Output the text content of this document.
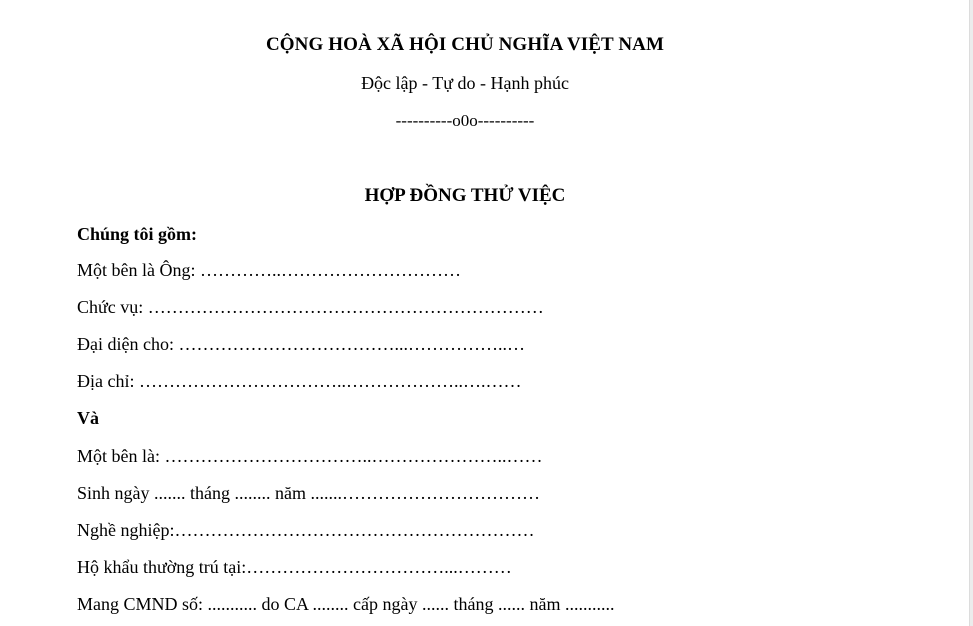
CỘNG HOÀ XÃ HỘI CHỦ NGHĨA VIỆT NAM
Độc lập - Tự do - Hạnh phúc
----------o0o----------
HỢP ĐỒNG THỬ VIỆC
Chúng tôi gồm:
Một bên là Ông: …………..…………………………
Chức vụ: …………………………………………………………
Đại diện cho: ………………………………...……………..…
Địa chỉ: ……………………………..………………..….……
Và
Một bên là: ……………………………..…………………..……
Sinh ngày ....... tháng ........ năm .......……………………………
Nghề nghiệp:……………………………………………………
Hộ khẩu thường trú tại:……………………………...………
Mang CMND số: ........... do CA ........ cấp ngày ...... tháng ...... năm ...........
